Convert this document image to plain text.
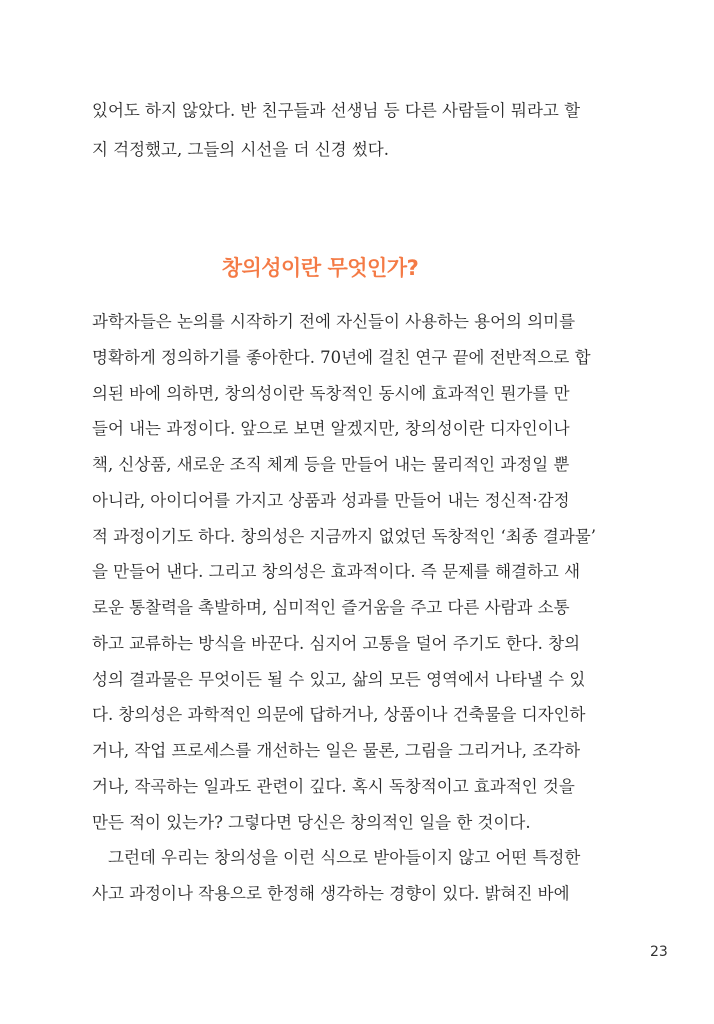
있어도 하지 않았다. 반 친구들과 선생님 등 다른 사람들이 뭐라고 할
지 걱정했고, 그들의 시선을 더 신경 썼다.
창의성이란 무엇인가?
과학자들은 논의를 시작하기 전에 자신들이 사용하는 용어의 의미를
명확하게 정의하기를 좋아한다. 70년에 걸친 연구 끝에 전반적으로 합
의된 바에 의하면, 창의성이란 독창적인 동시에 효과적인 뭔가를 만
들어 내는 과정이다. 앞으로 보면 알겠지만, 창의성이란 디자인이나
책, 신상품, 새로운 조직 체계 등을 만들어 내는 물리적인 과정일 뿐
아니라, 아이디어를 가지고 상품과 성과를 만들어 내는 정신적·감정
적 과정이기도 하다. 창의성은 지금까지 없었던 독창적인 ‘최종 결과물’
을 만들어 낸다. 그리고 창의성은 효과적이다. 즉 문제를 해결하고 새
로운 통찰력을 촉발하며, 심미적인 즐거움을 주고 다른 사람과 소통
하고 교류하는 방식을 바꾼다. 심지어 고통을 덜어 주기도 한다. 창의
성의 결과물은 무엇이든 될 수 있고, 삶의 모든 영역에서 나타낼 수 있
다. 창의성은 과학적인 의문에 답하거나, 상품이나 건축물을 디자인하
거나, 작업 프로세스를 개선하는 일은 물론, 그림을 그리거나, 조각하
거나, 작곡하는 일과도 관련이 깊다. 혹시 독창적이고 효과적인 것을
만든 적이 있는가? 그렇다면 당신은 창의적인 일을 한 것이다.
그런데 우리는 창의성을 이런 식으로 받아들이지 않고 어떤 특정한
사고 과정이나 작용으로 한정해 생각하는 경향이 있다. 밝혀진 바에
23
